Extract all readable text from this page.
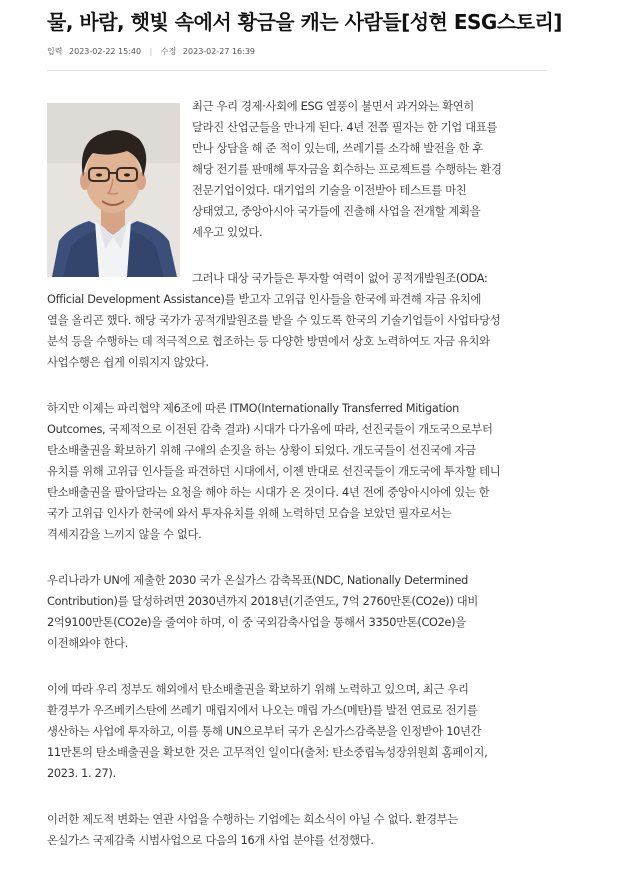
물, 바람, 햇빛 속에서 황금을 캐는 사람들[성현 ESG스토리]
입력 2023-02-22 15:40 | 수정 2023-02-27 16:39

최근 우리 경제·사회에 ESG 열풍이 불면서 과거와는 확연히 달라진 산업군들을 만나게 된다. 4년 전쯤 필자는 한 기업 대표를 만나 상담을 해 준 적이 있는데, 쓰레기를 소각해 발전을 한 후 해당 전기를 판매해 투자금을 회수하는 프로젝트를 수행하는 환경 전문기업이었다. 대기업의 기술을 이전받아 테스트를 마친 상태였고, 중앙아시아 국가들에 진출해 사업을 전개할 계획을 세우고 있었다.

그러나 대상 국가들은 투자할 여력이 없어 공적개발원조(ODA: Official Development Assistance)를 받고자 고위급 인사들을 한국에 파견해 자금 유치에 열을 올리곤 했다. 해당 국가가 공적개발원조를 받을 수 있도록 한국의 기술기업들이 사업타당성 분석 등을 수행하는 데 적극적으로 협조하는 등 다양한 방면에서 상호 노력하여도 자금 유치와 사업수행은 쉽게 이뤄지지 않았다.

하지만 이제는 파리협약 제6조에 따른 ITMO(Internationally Transferred Mitigation Outcomes, 국제적으로 이전된 감축 결과) 시대가 다가옴에 따라, 선진국들이 개도국으로부터 탄소배출권을 확보하기 위해 구애의 손짓을 하는 상황이 되었다. 개도국들이 선진국에 자금 유치를 위해 고위급 인사들을 파견하던 시대에서, 이젠 반대로 선진국들이 개도국에 투자할 테니 탄소배출권을 팔아달라는 요청을 해야 하는 시대가 온 것이다. 4년 전에 중앙아시아에 있는 한 국가 고위급 인사가 한국에 와서 투자유치를 위해 노력하던 모습을 보았던 필자로서는 격세지감을 느끼지 않을 수 없다.

우리나라가 UN에 제출한 2030 국가 온실가스 감축목표(NDC, Nationally Determined Contribution)를 달성하려면 2030년까지 2018년(기준연도, 7억 2760만톤(CO2e)) 대비 2억9100만톤(CO2e)을 줄여야 하며, 이 중 국외감축사업을 통해서 3350만톤(CO2e)을 이전해와야 한다.

이에 따라 우리 정부도 해외에서 탄소배출권을 확보하기 위해 노력하고 있으며, 최근 우리 환경부가 우즈베키스탄에 쓰레기 매립지에서 나오는 매립 가스(메탄)를 발전 연료로 전기를 생산하는 사업에 투자하고, 이를 통해 UN으로부터 국가 온실가스감축분을 인정받아 10년간 11만톤의 탄소배출권을 확보한 것은 고무적인 일이다(출처: 탄소중립녹성장위원회 홈페이지, 2023. 1. 27).

이러한 제도적 변화는 연관 사업을 수행하는 기업에는 희소식이 아닐 수 없다. 환경부는 온실가스 국제감축 시범사업으로 다음의 16개 사업 분야를 선정했다.
